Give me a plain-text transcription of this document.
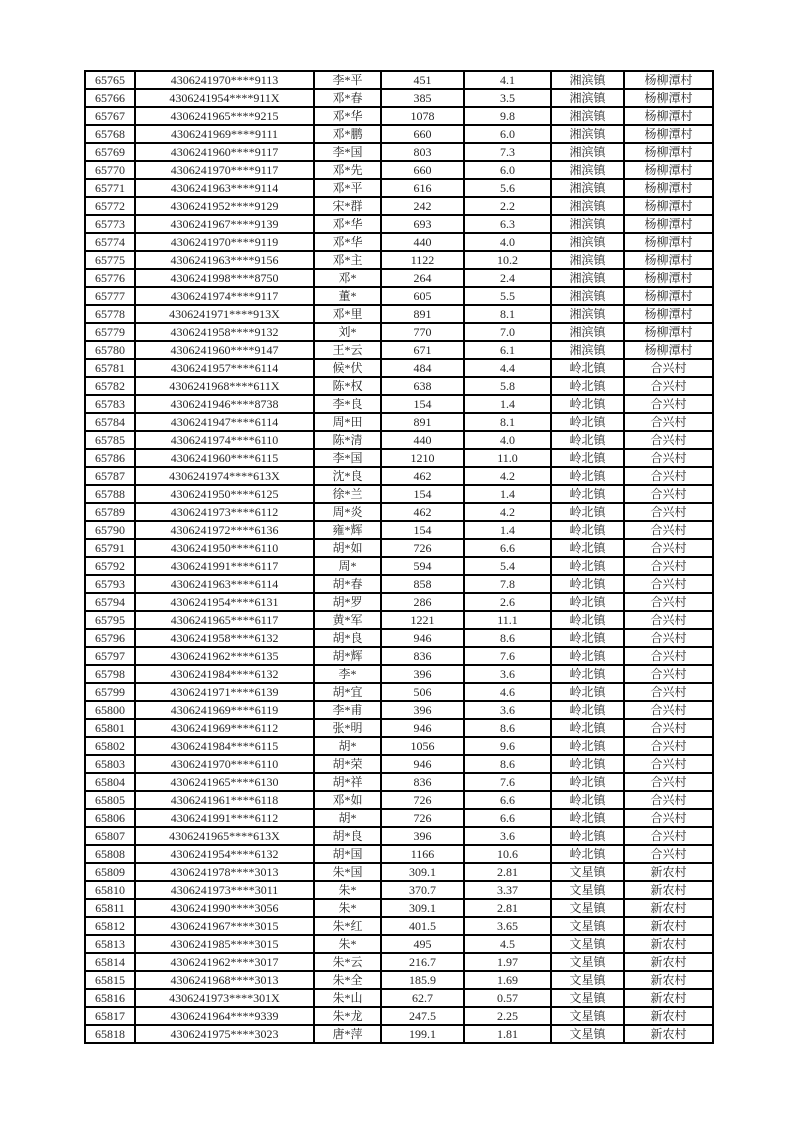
65765	4306241970****9113	李*平	451	4.1	湘滨镇	杨柳潭村
65766	4306241954****911X	邓*春	385	3.5	湘滨镇	杨柳潭村
65767	4306241965****9215	邓*华	1078	9.8	湘滨镇	杨柳潭村
65768	4306241969****9111	邓*鹏	660	6.0	湘滨镇	杨柳潭村
65769	4306241960****9117	李*国	803	7.3	湘滨镇	杨柳潭村
65770	4306241970****9117	邓*先	660	6.0	湘滨镇	杨柳潭村
65771	4306241963****9114	邓*平	616	5.6	湘滨镇	杨柳潭村
65772	4306241952****9129	宋*群	242	2.2	湘滨镇	杨柳潭村
65773	4306241967****9139	邓*华	693	6.3	湘滨镇	杨柳潭村
65774	4306241970****9119	邓*华	440	4.0	湘滨镇	杨柳潭村
65775	4306241963****9156	邓*主	1122	10.2	湘滨镇	杨柳潭村
65776	4306241998****8750	邓*	264	2.4	湘滨镇	杨柳潭村
65777	4306241974****9117	董*	605	5.5	湘滨镇	杨柳潭村
65778	4306241971****913X	邓*里	891	8.1	湘滨镇	杨柳潭村
65779	4306241958****9132	刘*	770	7.0	湘滨镇	杨柳潭村
65780	4306241960****9147	王*云	671	6.1	湘滨镇	杨柳潭村
65781	4306241957****6114	候*伏	484	4.4	岭北镇	合兴村
65782	4306241968****611X	陈*权	638	5.8	岭北镇	合兴村
65783	4306241946****8738	李*良	154	1.4	岭北镇	合兴村
65784	4306241947****6114	周*田	891	8.1	岭北镇	合兴村
65785	4306241974****6110	陈*清	440	4.0	岭北镇	合兴村
65786	4306241960****6115	李*国	1210	11.0	岭北镇	合兴村
65787	4306241974****613X	沈*良	462	4.2	岭北镇	合兴村
65788	4306241950****6125	徐*兰	154	1.4	岭北镇	合兴村
65789	4306241973****6112	周*炎	462	4.2	岭北镇	合兴村
65790	4306241972****6136	雍*辉	154	1.4	岭北镇	合兴村
65791	4306241950****6110	胡*如	726	6.6	岭北镇	合兴村
65792	4306241991****6117	周*	594	5.4	岭北镇	合兴村
65793	4306241963****6114	胡*春	858	7.8	岭北镇	合兴村
65794	4306241954****6131	胡*罗	286	2.6	岭北镇	合兴村
65795	4306241965****6117	黄*军	1221	11.1	岭北镇	合兴村
65796	4306241958****6132	胡*良	946	8.6	岭北镇	合兴村
65797	4306241962****6135	胡*辉	836	7.6	岭北镇	合兴村
65798	4306241984****6132	李*	396	3.6	岭北镇	合兴村
65799	4306241971****6139	胡*宜	506	4.6	岭北镇	合兴村
65800	4306241969****6119	李*甫	396	3.6	岭北镇	合兴村
65801	4306241969****6112	张*明	946	8.6	岭北镇	合兴村
65802	4306241984****6115	胡*	1056	9.6	岭北镇	合兴村
65803	4306241970****6110	胡*荣	946	8.6	岭北镇	合兴村
65804	4306241965****6130	胡*祥	836	7.6	岭北镇	合兴村
65805	4306241961****6118	邓*如	726	6.6	岭北镇	合兴村
65806	4306241991****6112	胡*	726	6.6	岭北镇	合兴村
65807	4306241965****613X	胡*良	396	3.6	岭北镇	合兴村
65808	4306241954****6132	胡*国	1166	10.6	岭北镇	合兴村
65809	4306241978****3013	朱*国	309.1	2.81	文星镇	新农村
65810	4306241973****3011	朱*	370.7	3.37	文星镇	新农村
65811	4306241990****3056	朱*	309.1	2.81	文星镇	新农村
65812	4306241967****3015	朱*红	401.5	3.65	文星镇	新农村
65813	4306241985****3015	朱*	495	4.5	文星镇	新农村
65814	4306241962****3017	朱*云	216.7	1.97	文星镇	新农村
65815	4306241968****3013	朱*全	185.9	1.69	文星镇	新农村
65816	4306241973****301X	朱*山	62.7	0.57	文星镇	新农村
65817	4306241964****9339	朱*龙	247.5	2.25	文星镇	新农村
65818	4306241975****3023	唐*萍	199.1	1.81	文星镇	新农村
